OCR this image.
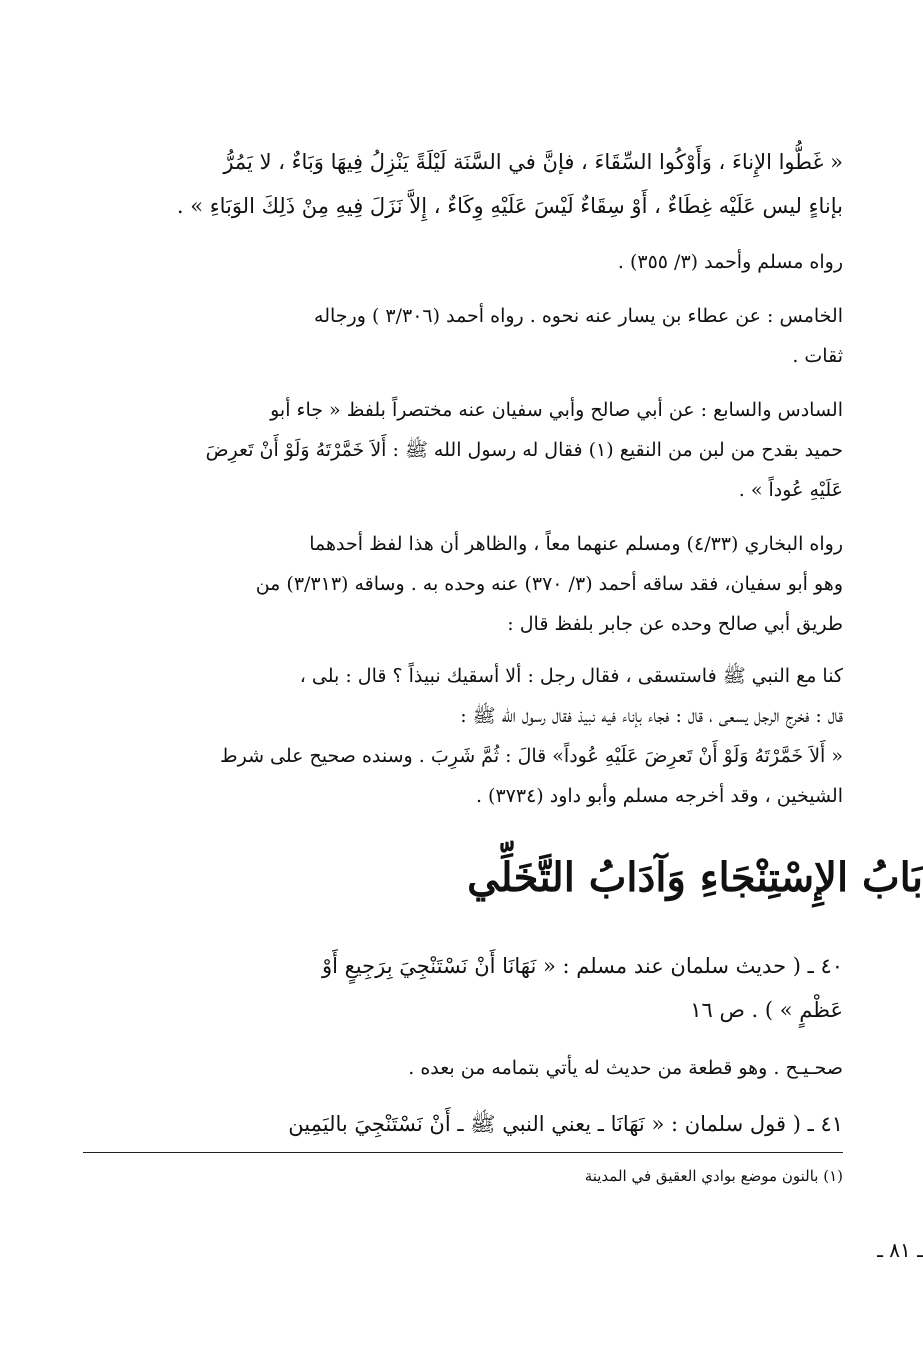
« غَطُّوا الإِناءَ ، وَأَوْكُوا السِّقَاءَ ، فإنَّ في السَّنَة لَيْلَةً يَنْزِلُ فِيهَا وَبَاءٌ ، لا يَمُرُّ
بإناءٍ ليس عَلَيْه غِطَاءٌ ، أَوْ سِقَاءٌ لَيْسَ عَلَيْهِ وِكَاءٌ ، إِلاَّ نَزَلَ فِيهِ مِنْ ذَلِكَ الوَبَاءِ » .
رواه مسلم وأحمد (٣/ ٣٥٥) .
الخامس : عن عطاء بن يسار عنه نحوه . رواه أحمد (٣/٣٠٦ ) ورجاله
ثقات .
السادس والسابع : عن أبي صالح وأبي سفيان عنه مختصراً بلفظ « جاء أبو
حميد بقدح من لبن من النقيع (١) فقال له رسول الله ﷺ : أَلاَ خَمَّرْتَهُ وَلَوْ أَنْ تَعرِضَ
عَلَيْهِ عُوداً » .
رواه البخاري (٤/٣٣) ومسلم عنهما معاً ، والظاهر أن هذا لفظ أحدهما
وهو أبو سفيان، فقد ساقه أحمد (٣/ ٣٧٠) عنه وحده به . وساقه (٣/٣١٣) من
طريق أبي صالح وحده عن جابر بلفظ قال :
كنا مع النبي ﷺ فاستسقى ، فقال رجل : ألا أسقيك نبيذاً ؟ قال : بلى ،
قال : فخرج الرجل يسعى ، قال : فجاء بإناء فيه نبيذ فقال رسول الله ﷺ :
« أَلاَ خَمَّرْتَهُ وَلَوْ أَنْ تَعرِضَ عَلَيْهِ عُوداً» قالَ : ثُمَّ شَرِبَ . وسنده صحيح على شرط
الشيخين ، وقد أخرجه مسلم وأبو داود (٣٧٣٤) .
بَابُ الإِسْتِنْجَاءِ وَآدَابُ التَّخَلِّي
٤٠ ـ ( حديث سلمان عند مسلم : « نَهَانَا أَنْ نَسْتَنْجِيَ بِرَجِيعٍ أَوْ
عَظْمٍ » ) . ص ١٦
صحـيـح . وهو قطعة من حديث له يأتي بتمامه من بعده .
٤١ ـ ( قول سلمان : « نَهَانَا ـ يعني النبي ﷺ ـ أَنْ نَسْتَنْجِيَ باليَمِين
(١) بالنون موضع بوادي العقيق في المدينة
ـ ٨١ ـ
